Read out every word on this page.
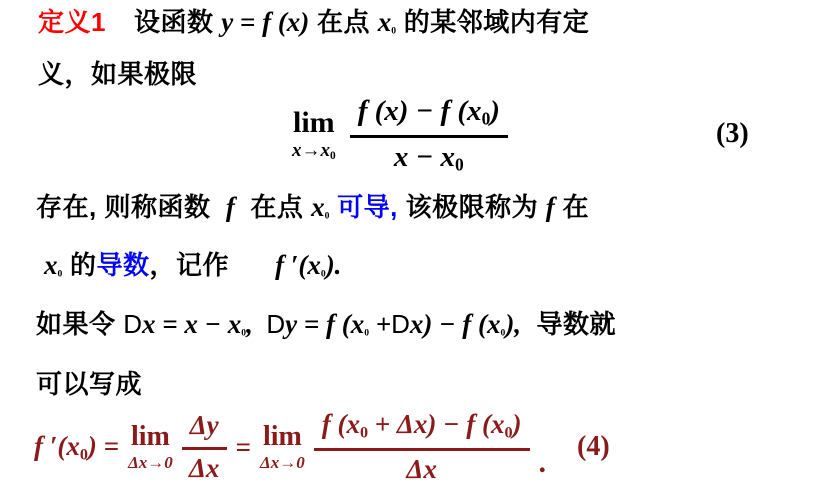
定义1 设函数 y = f (x) 在点 $x_0$ 的某邻域内有定
义，如果极限
lim
$x\to x_0 \frac{f (x) - f (x_0)}{x - x_0}$	(3)
存在, 则称函数  f  在点 $x_0$ 可导, 该极限称为 f 在
$x_0$ 的导数，记作 f $'(x_0)$.
如果令 $Dx = x - x_0$,  Dy = f $(x_0 +Dx) - f$ $(x_0)$,  导数就
可以写成
f $'(x_0) = \lim$
$\Delta x\to 0 \frac{\Delta y}{\Delta x} = \lim$
$\Delta x\to 0 \frac{f (x_0 + \Delta x) - f (x_0)}{\Delta x}$ . (4)
